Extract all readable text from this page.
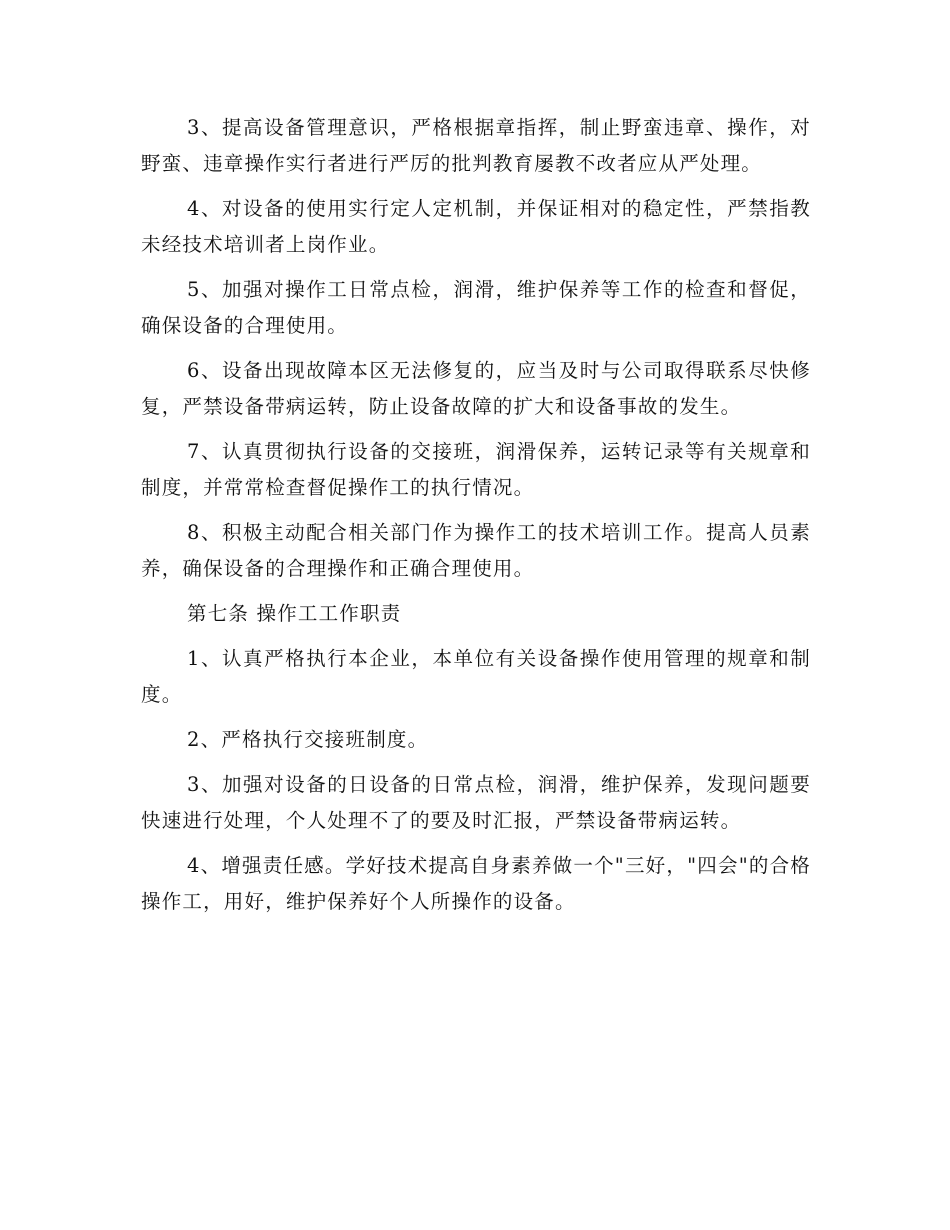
3、提高设备管理意识，严格根据章指挥，制止野蛮违章、操作，对野蛮、违章操作实行者进行严厉的批判教育屡教不改者应从严处理。

4、对设备的使用实行定人定机制，并保证相对的稳定性，严禁指教未经技术培训者上岗作业。

5、加强对操作工日常点检，润滑，维护保养等工作的检查和督促，确保设备的合理使用。

6、设备出现故障本区无法修复的，应当及时与公司取得联系尽快修复，严禁设备带病运转，防止设备故障的扩大和设备事故的发生。

7、认真贯彻执行设备的交接班，润滑保养，运转记录等有关规章和制度，并常常检查督促操作工的执行情况。

8、积极主动配合相关部门作为操作工的技术培训工作。提高人员素养，确保设备的合理操作和正确合理使用。

第七条 操作工工作职责

1、认真严格执行本企业，本单位有关设备操作使用管理的规章和制度。

2、严格执行交接班制度。

3、加强对设备的日设备的日常点检，润滑，维护保养，发现问题要快速进行处理，个人处理不了的要及时汇报，严禁设备带病运转。

4、增强责任感。学好技术提高自身素养做一个"三好，"四会"的合格操作工，用好，维护保养好个人所操作的设备。
